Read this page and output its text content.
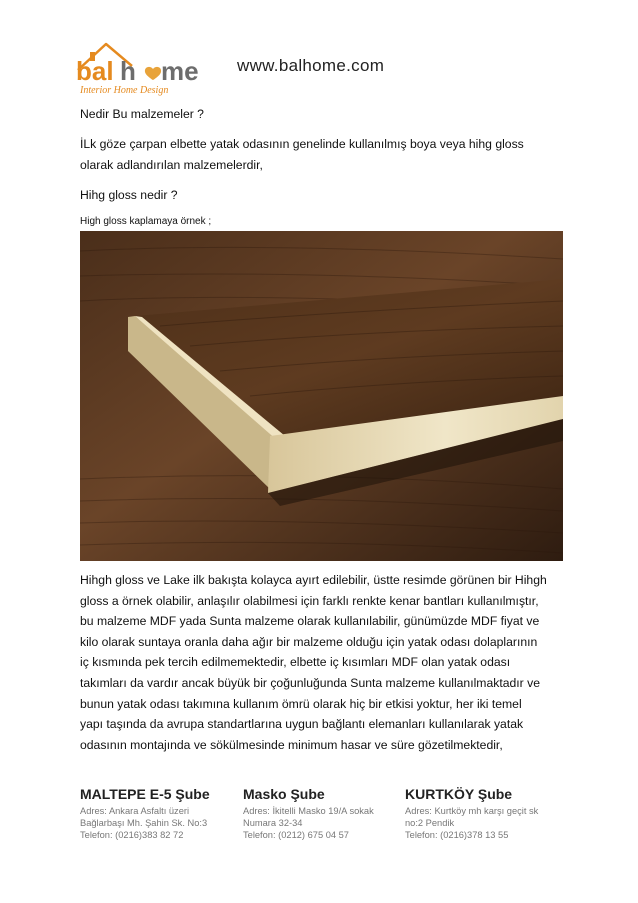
bal h me
Interior Home Design
www.balhome.com
Nedir Bu malzemeler ?
İLk göze çarpan elbette yatak odasının genelinde kullanılmış boya veya hihg gloss
olarak adlandırılan malzemelerdir,
Hihg gloss nedir ?
High gloss kaplamaya örnek ;
Hihgh gloss ve Lake ilk bakışta kolayca ayırt edilebilir, üstte resimde görünen bir Hihgh
gloss a örnek olabilir, anlaşılır olabilmesi için farklı renkte kenar bantları kullanılmıştır,
bu malzeme MDF yada Sunta malzeme olarak kullanılabilir, günümüzde MDF fiyat ve
kilo olarak suntaya oranla daha ağır bir malzeme olduğu için yatak odası dolaplarının
iç kısmında pek tercih edilmemektedir, elbette iç kısımları MDF olan yatak odası
takımları da vardır ancak büyük bir çoğunluğunda Sunta malzeme kullanılmaktadır ve
bunun yatak odası takımına kullanım ömrü olarak hiç bir etkisi yoktur, her iki temel
yapı taşında da avrupa standartlarına uygun bağlantı elemanları kullanılarak yatak
odasının montajında ve sökülmesinde minimum hasar ve süre gözetilmektedir,
MALTEPE E-5 Şube
Adres: Ankara Asfaltı üzeri
Bağlarbaşı Mh. Şahin Sk. No:3
Telefon: (0216)383 82 72
Masko Şube
Adres: İkitelli Masko 19/A sokak
Numara 32-34
Telefon: (0212) 675 04 57
KURTKÖY Şube
Adres: Kurtköy mh karşı geçit sk
no:2 Pendik
Telefon: (0216)378 13 55
